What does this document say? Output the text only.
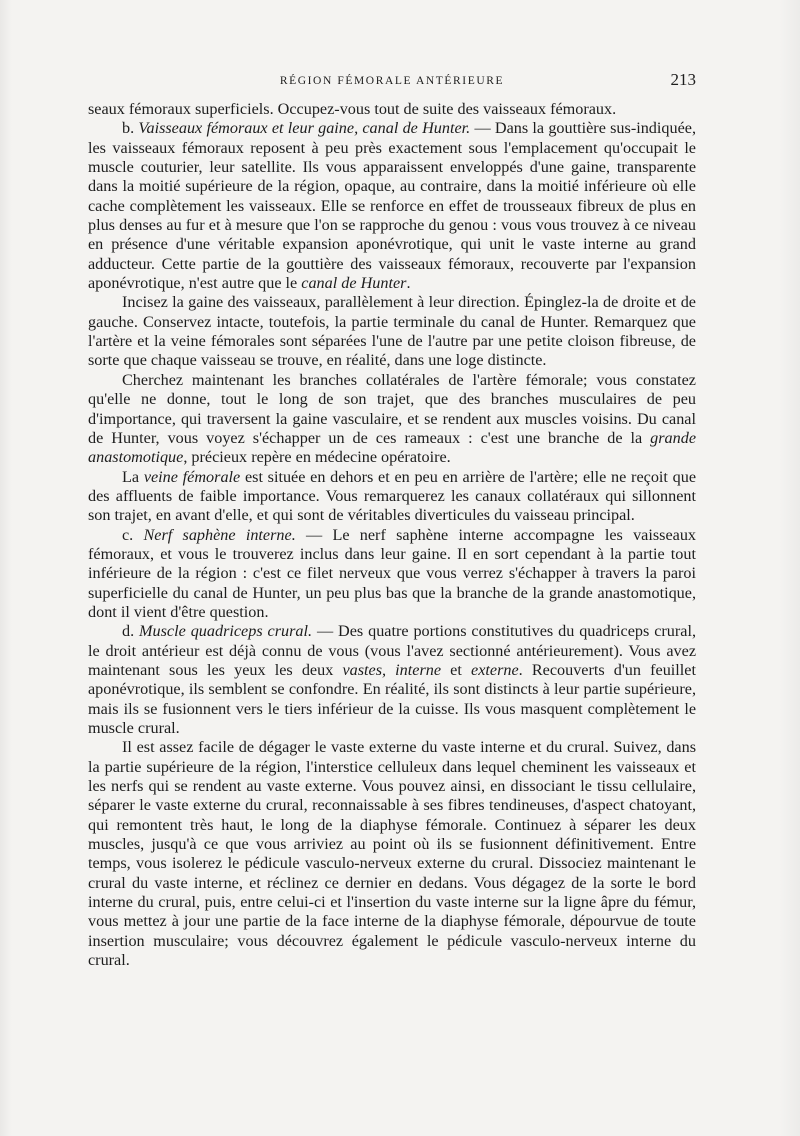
RÉGION FÉMORALE ANTÉRIEURE	213

seaux fémoraux superficiels. Occupez-vous tout de suite des vaisseaux fémoraux.

b. Vaisseaux fémoraux et leur gaine, canal de Hunter. — Dans la gouttière sus-indiquée, les vaisseaux fémoraux reposent à peu près exactement sous l'emplacement qu'occupait le muscle couturier, leur satellite. Ils vous apparaissent enveloppés d'une gaine, transparente dans la moitié supérieure de la région, opaque, au contraire, dans la moitié inférieure où elle cache complètement les vaisseaux. Elle se renforce en effet de trousseaux fibreux de plus en plus denses au fur et à mesure que l'on se rapproche du genou : vous vous trouvez à ce niveau en présence d'une véritable expansion aponévrotique, qui unit le vaste interne au grand adducteur. Cette partie de la gouttière des vaisseaux fémoraux, recouverte par l'expansion aponévrotique, n'est autre que le canal de Hunter.

Incisez la gaine des vaisseaux, parallèlement à leur direction. Épinglez-la de droite et de gauche. Conservez intacte, toutefois, la partie terminale du canal de Hunter. Remarquez que l'artère et la veine fémorales sont séparées l'une de l'autre par une petite cloison fibreuse, de sorte que chaque vaisseau se trouve, en réalité, dans une loge distincte.

Cherchez maintenant les branches collatérales de l'artère fémorale; vous constatez qu'elle ne donne, tout le long de son trajet, que des branches musculaires de peu d'importance, qui traversent la gaine vasculaire, et se rendent aux muscles voisins. Du canal de Hunter, vous voyez s'échapper un de ces rameaux : c'est une branche de la grande anastomotique, précieux repère en médecine opératoire.

La veine fémorale est située en dehors et en peu en arrière de l'artère; elle ne reçoit que des affluents de faible importance. Vous remarquerez les canaux collatéraux qui sillonnent son trajet, en avant d'elle, et qui sont de véritables diverticules du vaisseau principal.

c. Nerf saphène interne. — Le nerf saphène interne accompagne les vaisseaux fémoraux, et vous le trouverez inclus dans leur gaine. Il en sort cependant à la partie tout inférieure de la région : c'est ce filet nerveux que vous verrez s'échapper à travers la paroi superficielle du canal de Hunter, un peu plus bas que la branche de la grande anastomotique, dont il vient d'être question.

d. Muscle quadriceps crural. — Des quatre portions constitutives du quadriceps crural, le droit antérieur est déjà connu de vous (vous l'avez sectionné antérieurement). Vous avez maintenant sous les yeux les deux vastes, interne et externe. Recouverts d'un feuillet aponévrotique, ils semblent se confondre. En réalité, ils sont distincts à leur partie supérieure, mais ils se fusionnent vers le tiers inférieur de la cuisse. Ils vous masquent complètement le muscle crural.

Il est assez facile de dégager le vaste externe du vaste interne et du crural. Suivez, dans la partie supérieure de la région, l'interstice celluleux dans lequel cheminent les vaisseaux et les nerfs qui se rendent au vaste externe. Vous pouvez ainsi, en dissociant le tissu cellulaire, séparer le vaste externe du crural, reconnaissable à ses fibres tendineuses, d'aspect chatoyant, qui remontent très haut, le long de la diaphyse fémorale. Continuez à séparer les deux muscles, jusqu'à ce que vous arriviez au point où ils se fusionnent définitivement. Entre temps, vous isolerez le pédicule vasculo-nerveux externe du crural. Dissociez maintenant le crural du vaste interne, et réclinez ce dernier en dedans. Vous dégagez de la sorte le bord interne du crural, puis, entre celui-ci et l'insertion du vaste interne sur la ligne âpre du fémur, vous mettez à jour une partie de la face interne de la diaphyse fémorale, dépourvue de toute insertion musculaire; vous découvrez également le pédicule vasculo-nerveux interne du crural.
